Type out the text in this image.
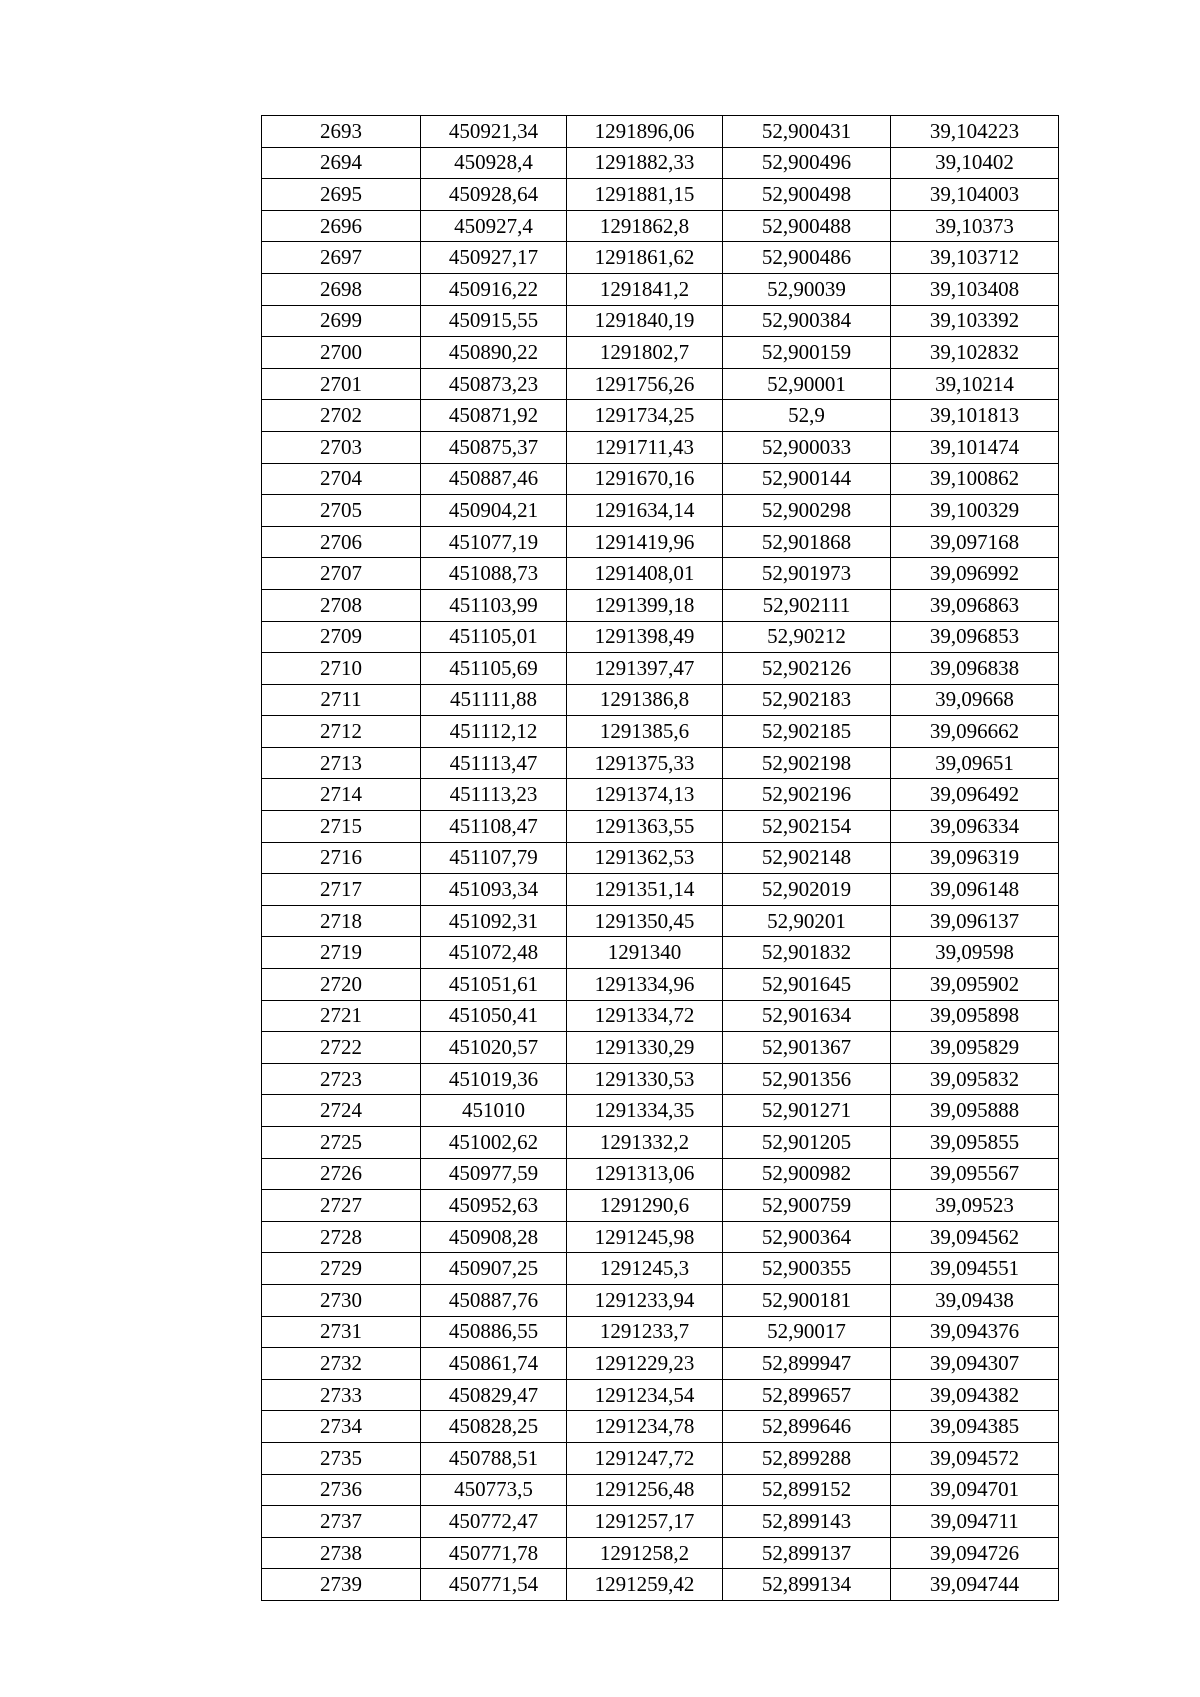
2693	450921,34	1291896,06	52,900431	39,104223
2694	450928,4	1291882,33	52,900496	39,10402
2695	450928,64	1291881,15	52,900498	39,104003
2696	450927,4	1291862,8	52,900488	39,10373
2697	450927,17	1291861,62	52,900486	39,103712
2698	450916,22	1291841,2	52,90039	39,103408
2699	450915,55	1291840,19	52,900384	39,103392
2700	450890,22	1291802,7	52,900159	39,102832
2701	450873,23	1291756,26	52,90001	39,10214
2702	450871,92	1291734,25	52,9	39,101813
2703	450875,37	1291711,43	52,900033	39,101474
2704	450887,46	1291670,16	52,900144	39,100862
2705	450904,21	1291634,14	52,900298	39,100329
2706	451077,19	1291419,96	52,901868	39,097168
2707	451088,73	1291408,01	52,901973	39,096992
2708	451103,99	1291399,18	52,902111	39,096863
2709	451105,01	1291398,49	52,90212	39,096853
2710	451105,69	1291397,47	52,902126	39,096838
2711	451111,88	1291386,8	52,902183	39,09668
2712	451112,12	1291385,6	52,902185	39,096662
2713	451113,47	1291375,33	52,902198	39,09651
2714	451113,23	1291374,13	52,902196	39,096492
2715	451108,47	1291363,55	52,902154	39,096334
2716	451107,79	1291362,53	52,902148	39,096319
2717	451093,34	1291351,14	52,902019	39,096148
2718	451092,31	1291350,45	52,90201	39,096137
2719	451072,48	1291340	52,901832	39,09598
2720	451051,61	1291334,96	52,901645	39,095902
2721	451050,41	1291334,72	52,901634	39,095898
2722	451020,57	1291330,29	52,901367	39,095829
2723	451019,36	1291330,53	52,901356	39,095832
2724	451010	1291334,35	52,901271	39,095888
2725	451002,62	1291332,2	52,901205	39,095855
2726	450977,59	1291313,06	52,900982	39,095567
2727	450952,63	1291290,6	52,900759	39,09523
2728	450908,28	1291245,98	52,900364	39,094562
2729	450907,25	1291245,3	52,900355	39,094551
2730	450887,76	1291233,94	52,900181	39,09438
2731	450886,55	1291233,7	52,90017	39,094376
2732	450861,74	1291229,23	52,899947	39,094307
2733	450829,47	1291234,54	52,899657	39,094382
2734	450828,25	1291234,78	52,899646	39,094385
2735	450788,51	1291247,72	52,899288	39,094572
2736	450773,5	1291256,48	52,899152	39,094701
2737	450772,47	1291257,17	52,899143	39,094711
2738	450771,78	1291258,2	52,899137	39,094726
2739	450771,54	1291259,42	52,899134	39,094744
